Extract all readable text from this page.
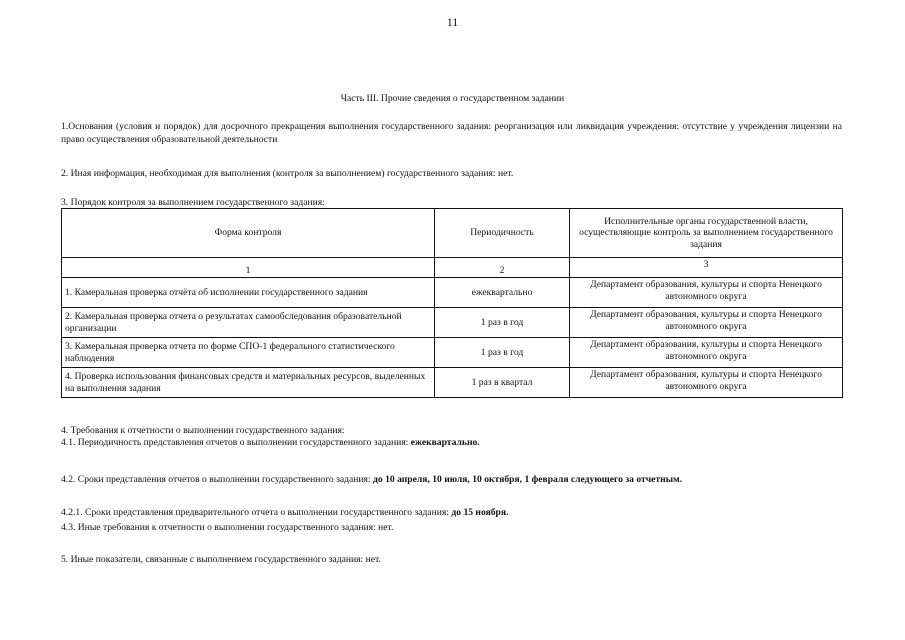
11
Часть III. Прочие сведения о государственном задании
1.Основания (условия и порядок) для досрочного прекращения выполнения государственного задания: реорганизация или ликвидация учреждения: отсутствие у учреждения лицензии на право осуществления образовательной деятельности
2. Иная информация, необходимая для выполнения (контроля за выполнением) государственного задания: нет.
3. Порядок контроля за выполнением государственного задания:
Форма контроля	Периодичность	Исполнительные органы государственной власти, осуществляющие контроль за выполнением государственного задания
1	2	3
1. Камеральная проверка отчёта об исполнении государственного задания	ежеквартально	Департамент образования, культуры и спорта Ненецкого автономного округа
2. Камеральная проверка отчета о результатах самообследования образовательной организации	1 раз в год	Департамент образования, культуры и спорта Ненецкого автономного округа
3. Камеральная проверка отчета по форме СПО-1 федерального статистического наблюдения	1 раз в год	Департамент образования, культуры и спорта Ненецкого автономного округа
4. Проверка использования финансовых средств и материальных ресурсов, выделенных на выполнения задания	1 раз в квартал	Департамент образования, культуры и спорта Ненецкого автономного округа
4. Требования к отчетности о выполнении государственного задания:
4.1. Периодичность представления отчетов о выполнении государственного задания: ежеквартально.
4.2. Сроки представления отчетов о выполнении государственного задания: до 10 апреля, 10 июля, 10 октября, 1 февраля следующего за отчетным.
4.2.1. Сроки представления предварительного отчета о выполнении государственного задания: до 15 ноября.
4.3. Иные требования к отчетности о выполнении государственного задания: нет.
5. Иные показатели, связанные с выполнением государственного задания: нет.
